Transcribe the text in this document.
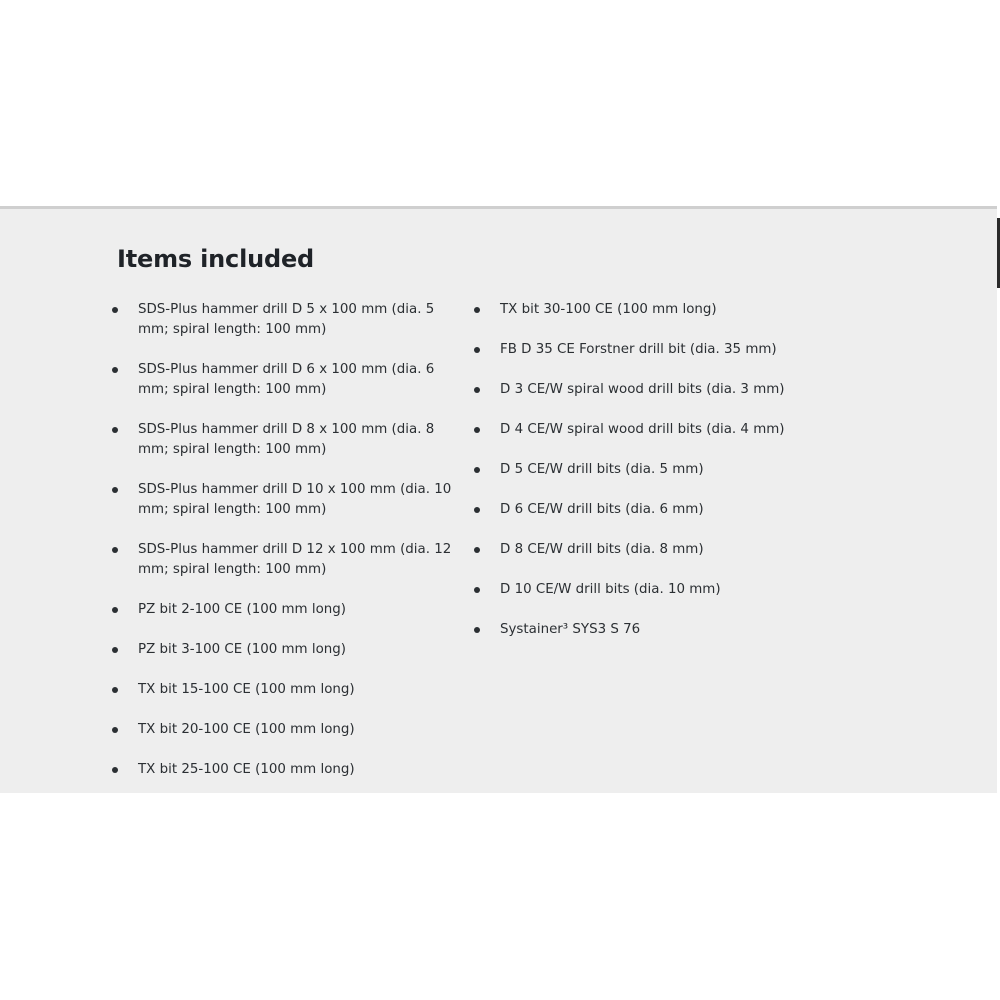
Items included
SDS-Plus hammer drill D 5 x 100 mm (dia. 5 mm; spiral length: 100 mm)
SDS-Plus hammer drill D 6 x 100 mm (dia. 6 mm; spiral length: 100 mm)
SDS-Plus hammer drill D 8 x 100 mm (dia. 8 mm; spiral length: 100 mm)
SDS-Plus hammer drill D 10 x 100 mm (dia. 10 mm; spiral length: 100 mm)
SDS-Plus hammer drill D 12 x 100 mm (dia. 12 mm; spiral length: 100 mm)
PZ bit 2-100 CE (100 mm long)
PZ bit 3-100 CE (100 mm long)
TX bit 15-100 CE (100 mm long)
TX bit 20-100 CE (100 mm long)
TX bit 25-100 CE (100 mm long)
TX bit 30-100 CE (100 mm long)
FB D 35 CE Forstner drill bit (dia. 35 mm)
D 3 CE/W spiral wood drill bits (dia. 3 mm)
D 4 CE/W spiral wood drill bits (dia. 4 mm)
D 5 CE/W drill bits (dia. 5 mm)
D 6 CE/W drill bits (dia. 6 mm)
D 8 CE/W drill bits (dia. 8 mm)
D 10 CE/W drill bits (dia. 10 mm)
Systainer³ SYS3 S 76
